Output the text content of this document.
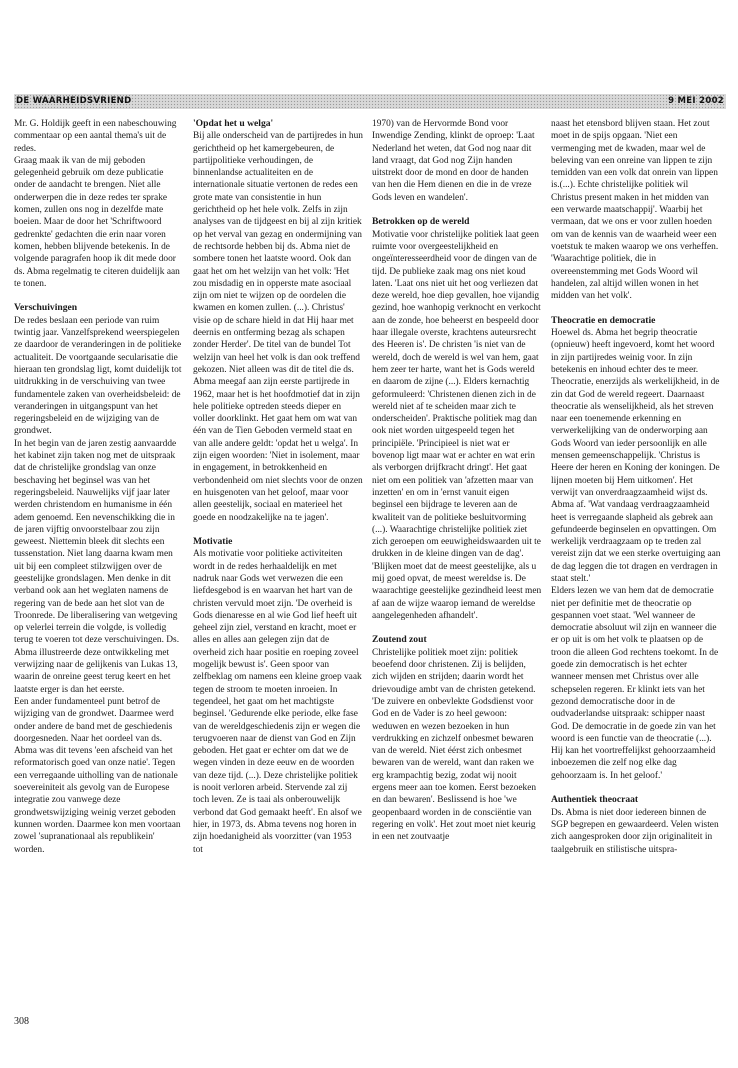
DE WAARHEIDSVRIEND	9 MEI 2002

Mr. G. Holdijk geeft in een nabeschouwing commentaar op een aantal thema's uit de redes.

Graag maak ik van de mij geboden gelegenheid gebruik om deze publicatie onder de aandacht te brengen. Niet alle onderwerpen die in deze redes ter sprake komen, zullen ons nog in dezelfde mate boeien. Maar de door het 'Schriftwoord gedrenkte' gedachten die erin naar voren komen, hebben blijvende betekenis. In de volgende paragrafen hoop ik dit mede door ds. Abma regelmatig te citeren duidelijk aan te tonen.

Verschuivingen

De redes beslaan een periode van ruim twintig jaar. Vanzelfsprekend weerspiegelen ze daardoor de veranderingen in de politieke actualiteit. De voortgaande secularisatie die hieraan ten grondslag ligt, komt duidelijk tot uitdrukking in de verschuiving van twee fundamentele zaken van overheidsbeleid: de veranderingen in uitgangspunt van het regeringsbeleid en de wijziging van de grondwet.

In het begin van de jaren zestig aanvaardde het kabinet zijn taken nog met de uitspraak dat de christelijke grondslag van onze beschaving het beginsel was van het regeringsbeleid. Nauwelijks vijf jaar later werden christendom en humanisme in één adem genoemd. Een nevenschikking die in de jaren vijftig onvoorstelbaar zou zijn geweest. Niettemin bleek dit slechts een tussenstation. Niet lang daarna kwam men uit bij een compleet stilzwijgen over de geestelijke grondslagen. Men denke in dit verband ook aan het weglaten namens de regering van de bede aan het slot van de Troonrede. De liberalisering van wetgeving op velerlei terrein die volgde, is volledig terug te voeren tot deze verschuivingen. Ds. Abma illustreerde deze ontwikkeling met verwijzing naar de gelijkenis van Lukas 13, waarin de onreine geest terug keert en het laatste erger is dan het eerste.

Een ander fundamenteel punt betrof de wijziging van de grondwet. Daarmee werd onder andere de band met de geschiedenis doorgesneden. Naar het oordeel van ds. Abma was dit tevens 'een afscheid van het reformatorisch goed van onze natie'. Tegen een verregaande uitholling van de nationale soevereiniteit als gevolg van de Europese integratie zou vanwege deze grondwetswijziging weinig verzet geboden kunnen worden. Daarmee kon men voortaan zowel 'supranationaal als republikein' worden.

'Opdat het u welga'

Bij alle onderscheid van de partijredes in hun gerichtheid op het kamergebeuren, de partijpolitieke verhoudingen, de binnenlandse actualiteiten en de internationale situatie vertonen de redes een grote mate van consistentie in hun gerichtheid op het hele volk. Zelfs in zijn analyses van de tijdgeest en bij al zijn kritiek op het verval van gezag en ondermijning van de rechtsorde hebben bij ds. Abma niet de sombere tonen het laatste woord. Ook dan gaat het om het welzijn van het volk: 'Het zou misdadig en in opperste mate asociaal zijn om niet te wijzen op de oordelen die kwamen en komen zullen. (...). Christus' visie op de schare hield in dat Hij haar met deernis en ontferming bezag als schapen zonder Herder'. De titel van de bundel Tot welzijn van heel het volk is dan ook treffend gekozen. Niet alleen was dit de titel die ds. Abma meegaf aan zijn eerste partijrede in 1962, maar het is het hoofdmotief dat in zijn hele politieke optreden steeds dieper en voller doorklinkt. Het gaat hem om wat van één van de Tien Geboden vermeld staat en van alle andere geldt: 'opdat het u welga'. In zijn eigen woorden: 'Niet in isolement, maar in engagement, in betrokkenheid en verbondenheid om niet slechts voor de onzen en huisgenoten van het geloof, maar voor allen geestelijk, sociaal en materieel het goede en noodzakelijke na te jagen'.

Motivatie

Als motivatie voor politieke activiteiten wordt in de redes herhaaldelijk en met nadruk naar Gods wet verwezen die een liefdesgebod is en waarvan het hart van de christen vervuld moet zijn. 'De overheid is Gods dienaresse en al wie God lief heeft uit geheel zijn ziel, verstand en kracht, moet er alles en alles aan gelegen zijn dat de overheid zich haar positie en roeping zoveel mogelijk bewust is'. Geen spoor van zelfbeklag om namens een kleine groep vaak tegen de stroom te moeten inroeien. In tegendeel, het gaat om het machtigste beginsel. 'Gedurende elke periode, elke fase van de wereldgeschiedenis zijn er wegen die terugvoeren naar de dienst van God en Zijn geboden. Het gaat er echter om dat we de wegen vinden in deze eeuw en de woorden van deze tijd. (...). Deze christelijke politiek is nooit verloren arbeid. Stervende zal zij toch leven. Ze is taai als onberouwelijk verbond dat God gemaakt heeft'. En alsof we hier, in 1973, ds. Abma tevens nog horen in zijn hoedanigheid als voorzitter (van 1953 tot

1970) van de Hervormde Bond voor Inwendige Zending, klinkt de oproep: 'Laat Nederland het weten, dat God nog naar dit land vraagt, dat God nog Zijn handen uitstrekt door de mond en door de handen van hen die Hem dienen en die in de vreze Gods leven en wandelen'.

Betrokken op de wereld

Motivatie voor christelijke politiek laat geen ruimte voor overgeestelijkheid en ongeïnteresseerdheid voor de dingen van de tijd. De publieke zaak mag ons niet koud laten. 'Laat ons niet uit het oog verliezen dat deze wereld, hoe diep gevallen, hoe vijandig gezind, hoe wanhopig verknocht en verkocht aan de zonde, hoe beheerst en bespeeld door haar illegale overste, krachtens auteursrecht des Heeren is'. De christen 'is niet van de wereld, doch de wereld is wel van hem, gaat hem zeer ter harte, want het is Gods wereld en daarom de zijne (...). Elders kernachtig geformuleerd: 'Christenen dienen zich in de wereld niet af te scheiden maar zich te onderscheiden'. Praktische politiek mag dan ook niet worden uitgespeeld tegen het principiële. 'Principieel is niet wat er bovenop ligt maar wat er achter en wat erin als verborgen drijfkracht dringt'. Het gaat niet om een politiek van 'afzetten maar van inzetten' en om in 'ernst vanuit eigen beginsel een bijdrage te leveren aan de kwaliteit van de politieke besluitvorming (...). Waarachtige christelijke politiek ziet zich geroepen om eeuwigheidswaarden uit te drukken in de kleine dingen van de dag'. 'Blijken moet dat de meest geestelijke, als u mij goed opvat, de meest wereldse is. De waarachtige geestelijke gezindheid leest men af aan de wijze waarop iemand de wereldse aangelegenheden afhandelt'.

Zoutend zout

Christelijke politiek moet zijn: politiek beoefend door christenen. Zij is belijden, zich wijden en strijden; daarin wordt het drievoudige ambt van de christen getekend. 'De zuivere en onbevlekte Godsdienst voor God en de Vader is zo heel gewoon: weduwen en wezen bezoeken in hun verdrukking en zichzelf onbesmet bewaren van de wereld. Niet éérst zich onbesmet bewaren van de wereld, want dan raken we erg krampachtig bezig, zodat wij nooit ergens meer aan toe komen. Eerst bezoeken en dan bewaren'. Beslissend is hoe 'we geopenbaard worden in de consciëntie van regering en volk'. Het zout moet niet keurig in een net zoutvaatje

naast het etensbord blijven staan. Het zout moet in de spijs opgaan. 'Niet een vermenging met de kwaden, maar wel de beleving van een onreine van lippen te zijn temidden van een volk dat onrein van lippen is.(...). Echte christelijke politiek wil Christus present maken in het midden van een verwarde maatschappij'. Waarbij het vermaan, dat we ons er voor zullen hoeden om van de kennis van de waarheid weer een voetstuk te maken waarop we ons verheffen. 'Waarachtige politiek, die in overeenstemming met Gods Woord wil handelen, zal altijd willen wonen in het midden van het volk'.

Theocratie en democratie

Hoewel ds. Abma het begrip theocratie (opnieuw) heeft ingevoerd, komt het woord in zijn partijredes weinig voor. In zijn betekenis en inhoud echter des te meer. Theocratie, enerzijds als werkelijkheid, in de zin dat God de wereld regeert. Daarnaast theocratie als wenselijkheid, als het streven naar een toenemende erkenning en verwerkelijking van de onderworping aan Gods Woord van ieder persoonlijk en alle mensen gemeenschappelijk. 'Christus is Heere der heren en Koning der koningen. De lijnen moeten bij Hem uitkomen'. Het verwijt van onverdraagzaamheid wijst ds. Abma af. 'Wat vandaag verdraagzaamheid heet is verregaande slapheid als gebrek aan gefundeerde beginselen en opvattingen. Om werkelijk verdraagzaam op te treden zal vereist zijn dat we een sterke overtuiging aan de dag leggen die tot dragen en verdragen in staat stelt.'

Elders lezen we van hem dat de democratie niet per definitie met de theocratie op gespannen voet staat. 'Wel wanneer de democratie absoluut wil zijn en wanneer die er op uit is om het volk te plaatsen op de troon die alleen God rechtens toekomt. In de goede zin democratisch is het echter wanneer mensen met Christus over alle schepselen regeren. Er klinkt iets van het gezond democratische door in de oudvaderlandse uitspraak: schipper naast God. De democratie in de goede zin van het woord is een functie van de theocratie (...). Hij kan het voortreffelijkst gehoorzaamheid inboezemen die zelf nog elke dag gehoorzaam is. In het geloof.'

Authentiek theocraat

Ds. Abma is niet door iedereen binnen de SGP begrepen en gewaardeerd. Velen wisten zich aangesproken door zijn originaliteit in taalgebruik en stilistische uitspra-

308
